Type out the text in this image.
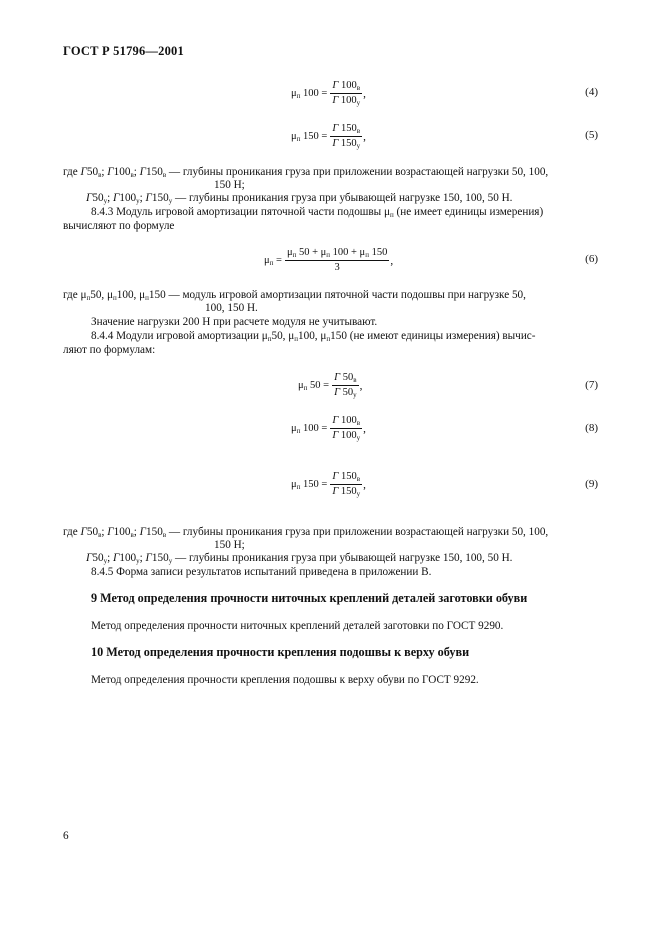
ГОСТ Р 51796—2001
$\mu_п$ $100 = \frac{Г 100_в}{Г 100_у}$ ,	(4)
$\mu_п$ $150 = \frac{Г 150_в}{Г 150_у}$ ,	(5)
где $Г50_в$; $Г100_в$; $Г150_в$ — глубины проникания груза при приложении возрастающей нагрузки 50, 100,
150 Н;
$Г50_у$; $Г100_у$; $Г150_у$ — глубины проникания груза при убывающей нагрузке 150, 100, 50 Н.
8.4.3 Модуль игровой амортизации пяточной части подошвы $\mu_п$ (не имеет единицы измерения)
вычисляют по формуле
$\mu_п = \frac{\mu_п 50 + \mu_п 100 + \mu_п 150}{3}$ ,	(6)
где $\mu_п50$, $\mu_п100$, $\mu_п150$ — модуль игровой амортизации пяточной части подошвы при нагрузке 50,
100, 150 Н.
Значение нагрузки 200 Н при расчете модуля не учитывают.
8.4.4 Модули игровой амортизации $\mu_п50$, $\mu_п100$, $\mu_п150$ (не имеют единицы измерения) вычис-
ляют по формулам:
$\mu_п$ $50 = \frac{Г 50_в}{Г 50_у}$ ,	(7)
$\mu_п$ $100 = \frac{Г 100_в}{Г 100_у}$ ,	(8)
$\mu_п$ $150 = \frac{Г 150_в}{Г 150_у}$ ,	(9)
где $Г50_в$; $Г100_в$; $Г150_в$ — глубины проникания груза при приложении возрастающей нагрузки 50, 100,
150 Н;
$Г50_у$; $Г100_у$; $Г150_у$ — глубины проникания груза при убывающей нагрузке 150, 100, 50 Н.
8.4.5 Форма записи результатов испытаний приведена в приложении В.
9 Метод определения прочности ниточных креплений деталей заготовки обуви
Метод определения прочности ниточных креплений деталей заготовки по ГОСТ 9290.
10 Метод определения прочности крепления подошвы к верху обуви
Метод определения прочности крепления подошвы к верху обуви по ГОСТ 9292.
6
